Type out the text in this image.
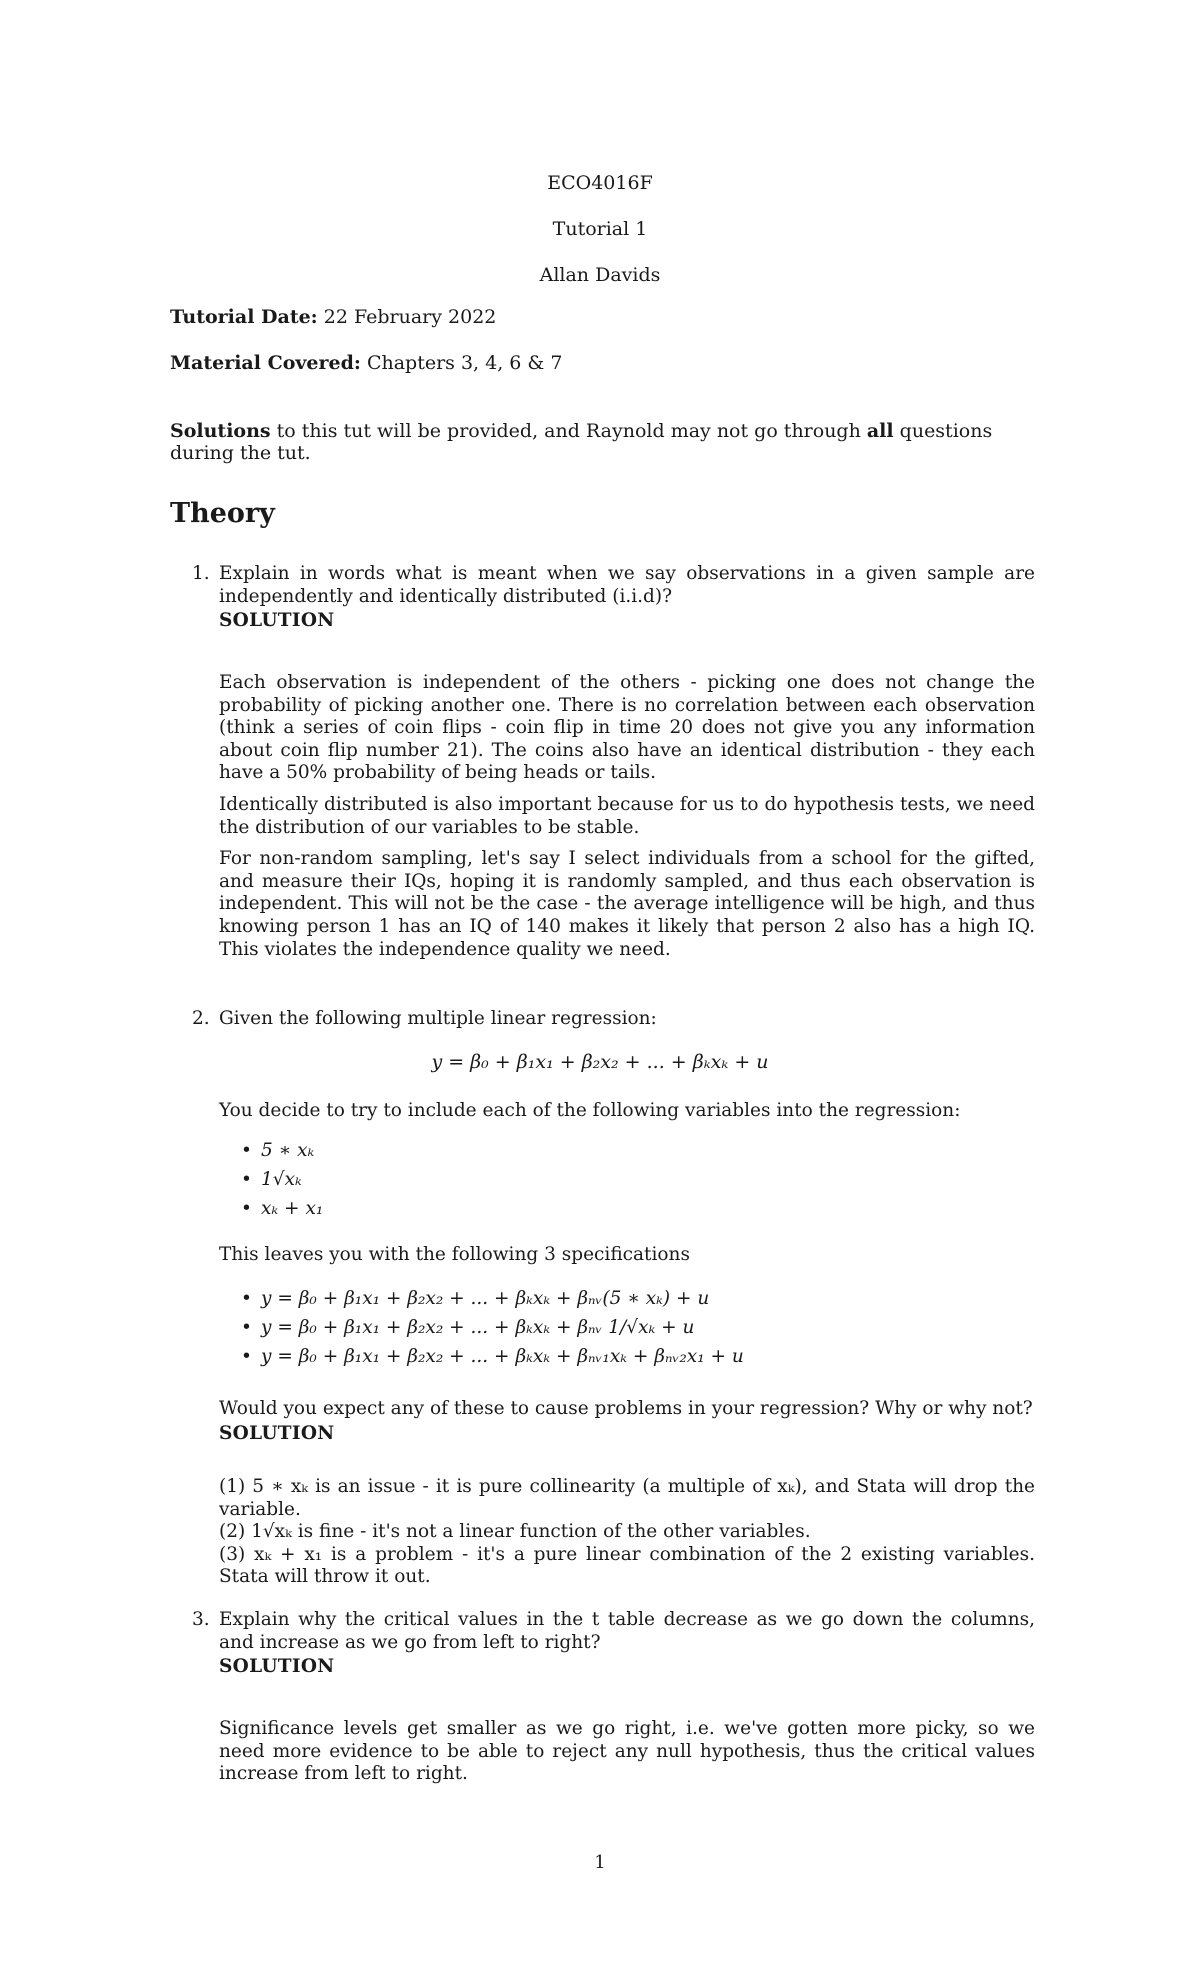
ECO4016F
Tutorial 1
Allan Davids
Tutorial Date: 22 February 2022
Material Covered: Chapters 3, 4, 6 & 7
Solutions to this tut will be provided, and Raynold may not go through all questions during the tut.
Theory
1. Explain in words what is meant when we say observations in a given sample are independently and identically distributed (i.i.d)?
SOLUTION

Each observation is independent of the others - picking one does not change the probability of picking another one. There is no correlation between each observation (think a series of coin flips - coin flip in time 20 does not give you any information about coin flip number 21). The coins also have an identical distribution - they each have a 50% probability of being heads or tails.

Identically distributed is also important because for us to do hypothesis tests, we need the distribution of our variables to be stable.

For non-random sampling, let's say I select individuals from a school for the gifted, and measure their IQs, hoping it is randomly sampled, and thus each observation is independent. This will not be the case - the average intelligence will be high, and thus knowing person 1 has an IQ of 140 makes it likely that person 2 also has a high IQ. This violates the independence quality we need.

2. Given the following multiple linear regression:
y = β₀ + β₁x₁ + β₂x₂ + ... + βₖxₖ + u
You decide to try to include each of the following variables into the regression:
• 5 ∗ xₖ
• 1√xₖ
• xₖ + x₁
This leaves you with the following 3 specifications
• y = β₀ + β₁x₁ + β₂x₂ + ... + βₖxₖ + βₙᵥ(5 ∗ xₖ) + u
• y = β₀ + β₁x₁ + β₂x₂ + ... + βₖxₖ + βₙᵥ 1/√xₖ + u
• y = β₀ + β₁x₁ + β₂x₂ + ... + βₖxₖ + βₙᵥ₁xₖ + βₙᵥ₂x₁ + u
Would you expect any of these to cause problems in your regression? Why or why not?
SOLUTION
(1) 5 ∗ xₖ is an issue - it is pure collinearity (a multiple of xₖ), and Stata will drop the variable.
(2) 1√xₖ is fine - it's not a linear function of the other variables.
(3) xₖ + x₁ is a problem - it's a pure linear combination of the 2 existing variables. Stata will throw it out.
3. Explain why the critical values in the t table decrease as we go down the columns, and increase as we go from left to right?
SOLUTION
Significance levels get smaller as we go right, i.e. we've gotten more picky, so we need more evidence to be able to reject any null hypothesis, thus the critical values increase from left to right.
1
